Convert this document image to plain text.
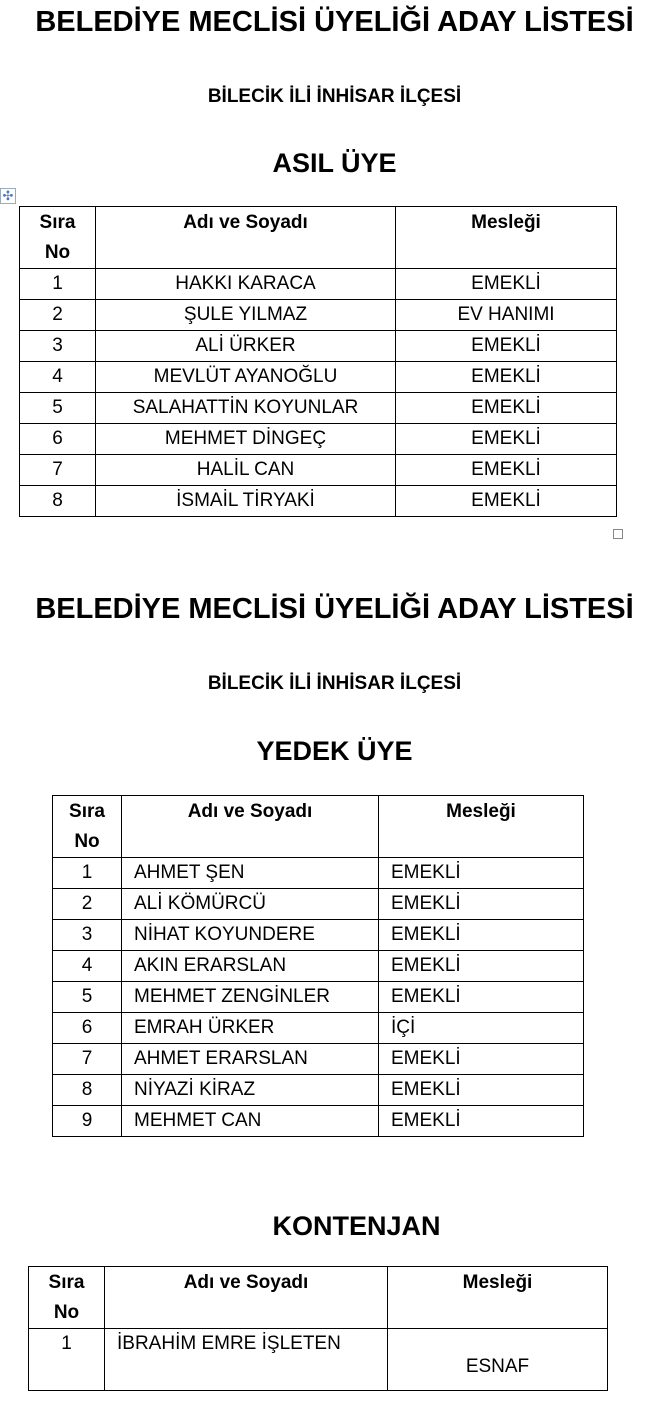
BELEDİYE MECLİSİ ÜYELİĞİ ADAY LİSTESİ
BİLECİK İLİ İNHİSAR İLÇESİ
ASIL ÜYE
✣
Sıra
No	Adı ve Soyadı	Mesleği
1	HAKKI KARACA	EMEKLİ
2	ŞULE YILMAZ	EV HANIMI
3	ALİ ÜRKER	EMEKLİ
4	MEVLÜT AYANOĞLU	EMEKLİ
5	SALAHATTİN KOYUNLAR	EMEKLİ
6	MEHMET DİNGEÇ	EMEKLİ
7	HALİL CAN	EMEKLİ
8	İSMAİL TİRYAKİ	EMEKLİ
BELEDİYE MECLİSİ ÜYELİĞİ ADAY LİSTESİ
BİLECİK İLİ İNHİSAR İLÇESİ
YEDEK ÜYE
Sıra
No	Adı ve Soyadı	Mesleği
1	AHMET ŞEN	EMEKLİ
2	ALİ KÖMÜRCÜ	EMEKLİ
3	NİHAT KOYUNDERE	EMEKLİ
4	AKIN ERARSLAN	EMEKLİ
5	MEHMET ZENGİNLER	EMEKLİ
6	EMRAH ÜRKER	İÇİ
7	AHMET ERARSLAN	EMEKLİ
8	NİYAZİ KİRAZ	EMEKLİ
9	MEHMET CAN	EMEKLİ
KONTENJAN
Sıra
No	Adı ve Soyadı	Mesleği
1	İBRAHİM EMRE İŞLETEN	ESNAF
